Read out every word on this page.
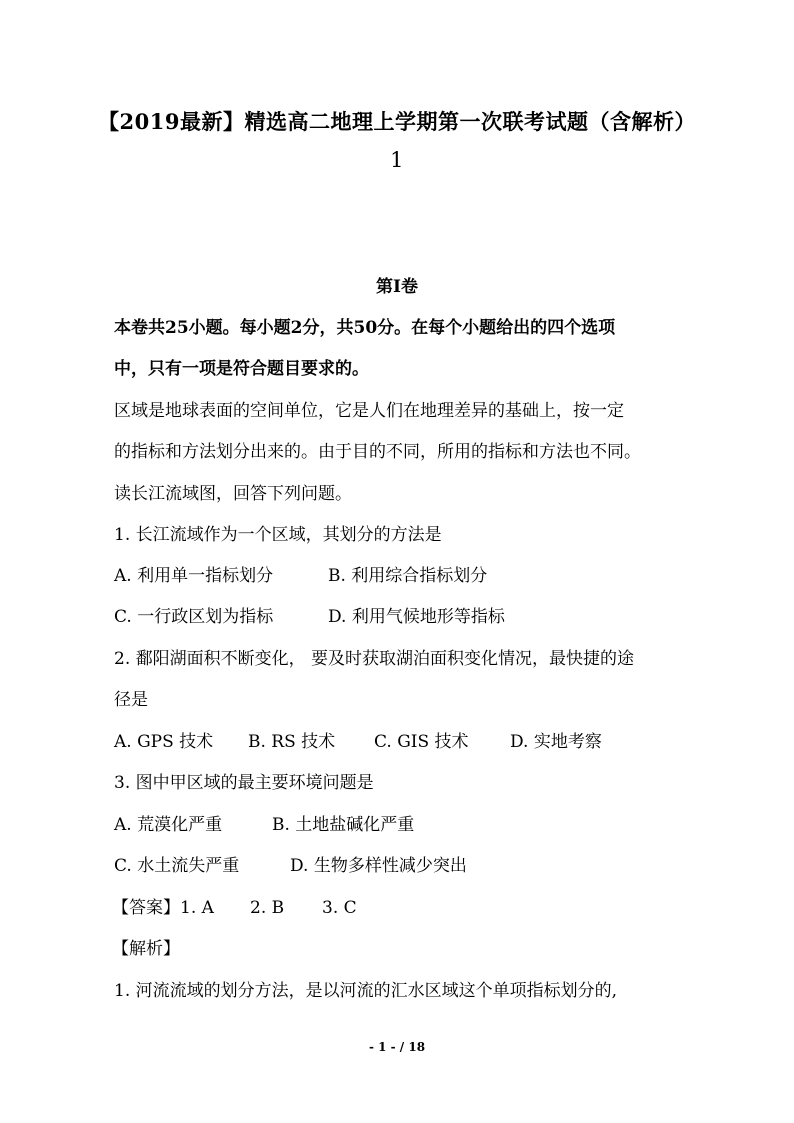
【2019最新】精选高二地理上学期第一次联考试题（含解析）
1
第I卷
本卷共25小题。每小题2分，共50分。在每个小题给出的四个选项
中，只有一项是符合题目要求的。
区域是地球表面的空间单位，它是人们在地理差异的基础上，按一定
的指标和方法划分出来的。由于目的不同，所用的指标和方法也不同。
读长江流域图，回答下列问题。
1. 长江流域作为一个区域，其划分的方法是
A. 利用单一指标划分	B. 利用综合指标划分
C. 一行政区划为指标	D. 利用气候地形等指标
2. 鄱阳湖面积不断变化， 要及时获取湖泊面积变化情况，最快捷的途
径是
A. GPS 技术 B. RS 技术 C. GIS 技术 D. 实地考察
3. 图中甲区域的最主要环境问题是
A. 荒漠化严重	B. 土地盐碱化严重
C. 水土流失严重	D. 生物多样性减少突出
【答案】1. A 2. B 3. C
【解析】
1. 河流流域的划分方法，是以河流的汇水区域这个单项指标划分的,
- 1 - / 18
